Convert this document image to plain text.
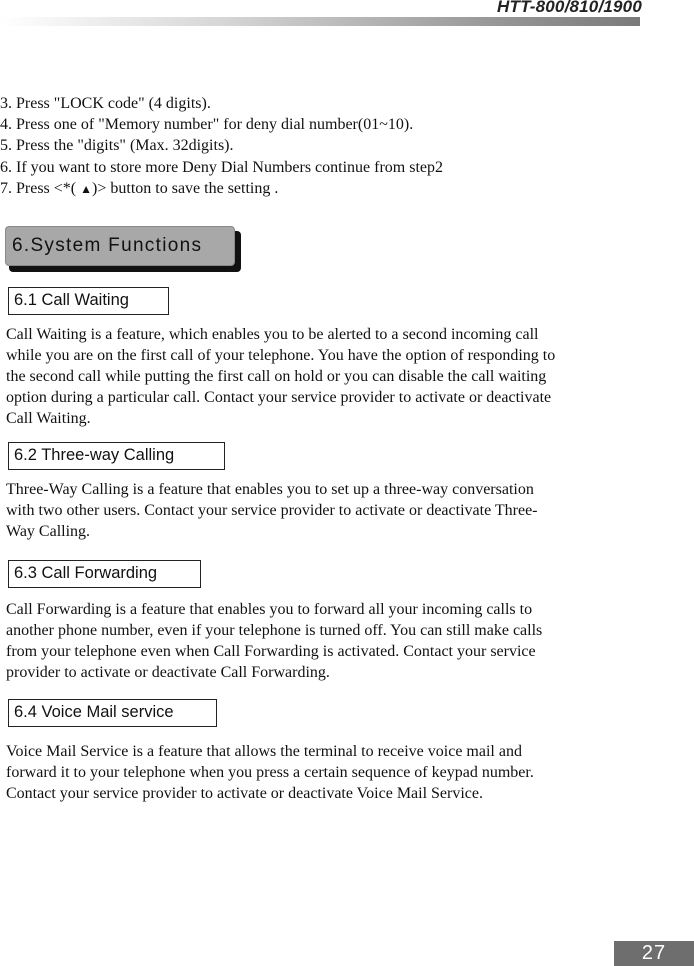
HTT-800/810/1900
3. Press "LOCK code" (4 digits).
4. Press one of "Memory number" for deny dial number(01~10).
5. Press the "digits" (Max. 32digits).
6. If you want to store more Deny Dial Numbers continue from step2
7. Press <*( ▲)> button to save the setting .
6.System Functions
6.1 Call Waiting

Call Waiting is a feature, which enables you to be alerted to a second incoming call
while you are on the first call of your telephone. You have the option of responding to
the second call while putting the first call on hold or you can disable the call waiting
option during a particular call. Contact your service provider to activate or deactivate
Call Waiting.

6.2 Three-way Calling

Three-Way Calling is a feature that enables you to set up a three-way conversation
with two other users. Contact your service provider to activate or deactivate Three-
Way Calling.

6.3 Call Forwarding

Call Forwarding is a feature that enables you to forward all your incoming calls to
another phone number, even if your telephone is turned off. You can still make calls
from your telephone even when Call Forwarding is activated. Contact your service
provider to activate or deactivate Call Forwarding.

6.4 Voice Mail service

Voice Mail Service is a feature that allows the terminal to receive voice mail and
forward it to your telephone when you press a certain sequence of keypad number.
Contact your service provider to activate or deactivate Voice Mail Service.

27
